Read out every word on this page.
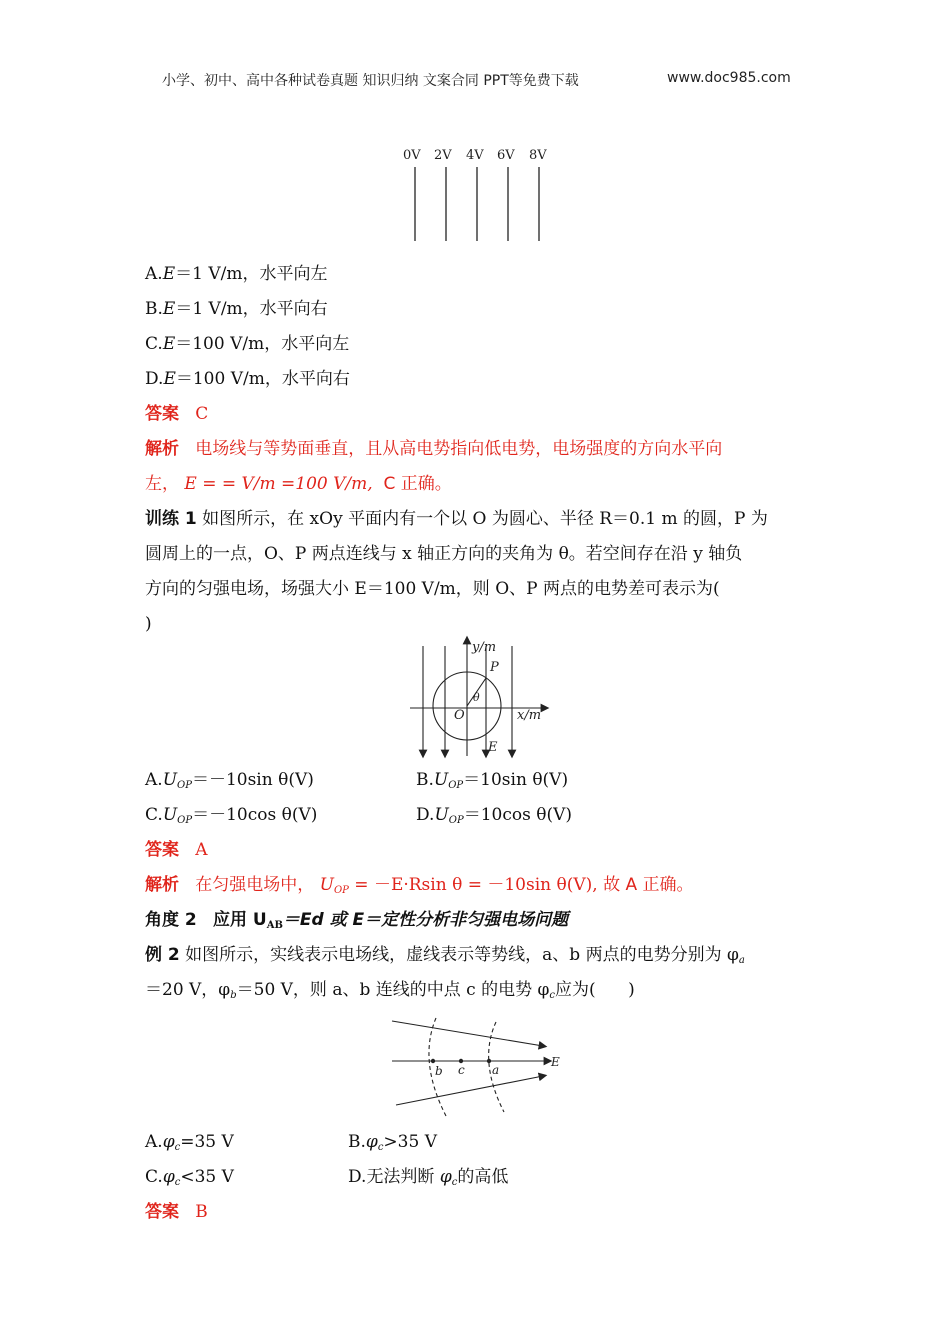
小学、初中、高中各种试卷真题 知识归纳 文案合同 PPT等免费下载	www.doc985.com
0V 2V 4V 6V 8V
A.E＝1 V/m，水平向左
B.E＝1 V/m，水平向右
C.E＝100 V/m，水平向左
D.E＝100 V/m，水平向右
答案 C
解析 电场线与等势面垂直，且从高电势指向低电势，电场强度的方向水平向
左， E = = V/m =100 V/m, C 正确。
训练 1 如图所示，在 xOy 平面内有一个以 O 为圆心、半径 R＝0.1 m 的圆，P 为
圆周上的一点，O、P 两点连线与 x 轴正方向的夹角为 θ。若空间存在沿 y 轴负
方向的匀强电场，场强大小 E＝100 V/m，则 O、P 两点的电势差可表示为(
)
y/m
x/m
P
O
θ
E
$A.U_{OP}=-10\sin$ θ(V)	$B.U_{OP}=10\sin$ θ(V)
$C.U_{OP}=-10\cos$ θ(V)	$D.U_{OP}=10\cos$ θ(V)
答案 A
解析 在匀强电场中， $U_{OP} = -E\cdot Rsin$ θ = －10sin θ(V), 故 A 正确。
角度 2 应用 $U_{AB}=Ed$ 或 E＝定性分析非匀强电场问题
例 2 如图所示，实线表示电场线，虚线表示等势线，a、b 两点的电势分别为 $\varphi_a$
＝20 V，$\varphi_b=50$ V，则 a、b 连线的中点 c 的电势 $\varphi_c$应为( )
b c a
E
$A.\varphi_c=35$ V	$B.\varphi_c>35$ V
$C.\varphi_c<35$ V	D.无法判断 $\varphi_c$的高低
答案 B
